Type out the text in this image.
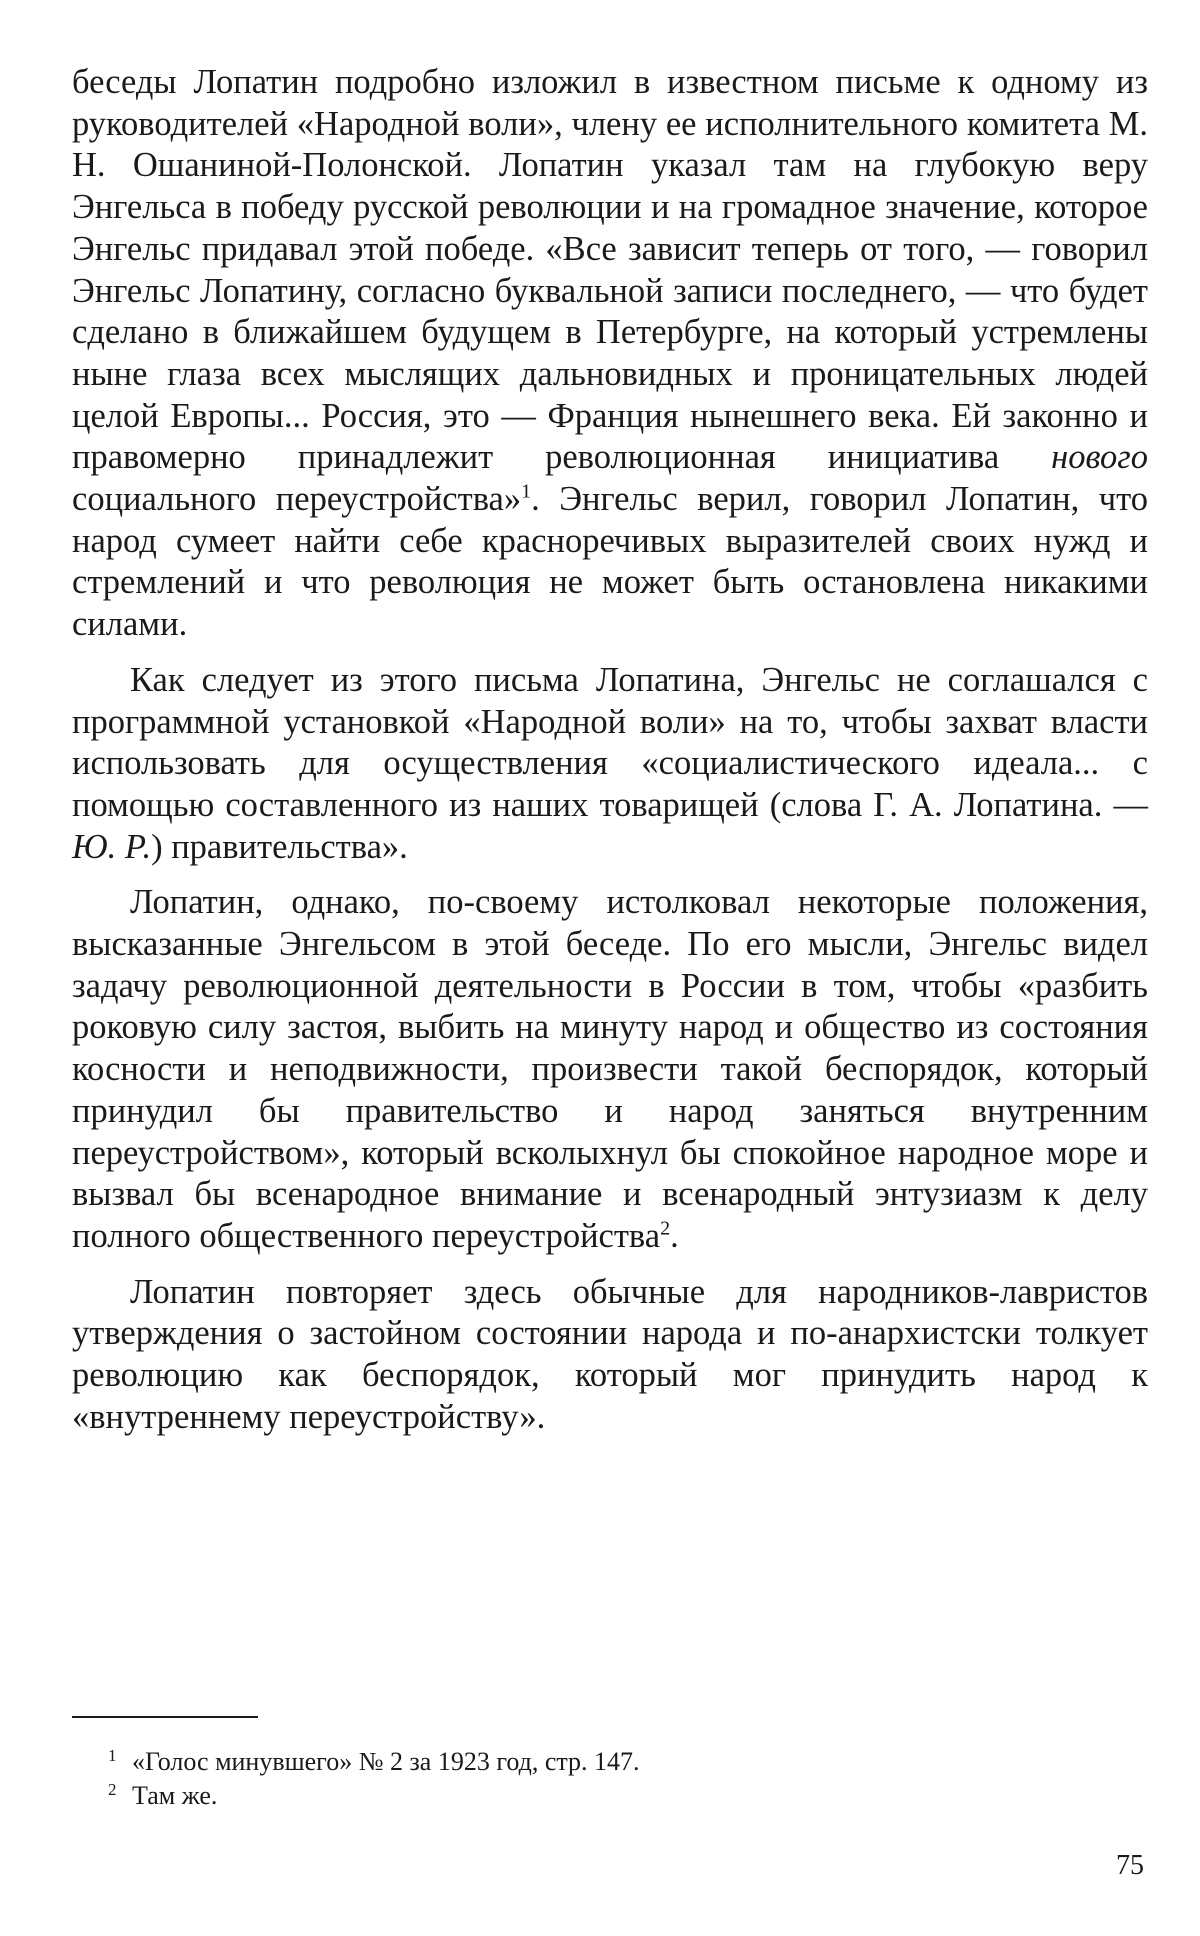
беседы Лопатин подробно изложил в известном письме к одному из руководителей «Народной воли», члену ее исполнительного комитета М. Н. Ошаниной-Полонской. Лопатин указал там на глубокую веру Энгельса в победу русской революции и на громадное значение, которое Энгельс придавал этой победе. «Все зависит теперь от того, — говорил Энгельс Лопатину, согласно буквальной записи последнего, — что будет сделано в ближайшем будущем в Петербурге, на который устремлены ныне глаза всех мыслящих дальновидных и проницательных людей целой Европы... Россия, это — Франция нынешнего века. Ей законно и правомерно принадлежит революционная инициатива нового социального переустройства»$^1$. Энгельс верил, говорил Лопатин, что народ сумеет найти себе красноречивых выразителей своих нужд и стремлений и что революция не может быть остановлена никакими силами.

Как следует из этого письма Лопатина, Энгельс не соглашался с программной установкой «Народной воли» на то, чтобы захват власти использовать для осуществления «социалистического идеала... с помощью составленного из наших товарищей (слова Г. А. Лопатина. — Ю. Р.) правительства».

Лопатин, однако, по-своему истолковал некоторые положения, высказанные Энгельсом в этой беседе. По его мысли, Энгельс видел задачу революционной деятельности в России в том, чтобы «разбить роковую силу застоя, выбить на минуту народ и общество из состояния косности и неподвижности, произвести такой беспорядок, который принудил бы правительство и народ заняться внутренним переустройством», который всколыхнул бы спокойное народное море и вызвал бы всенародное внимание и всенародный энтузиазм к делу полного общественного переустройства$^2$.

Лопатин повторяет здесь обычные для народников-лавристов утверждения о застойном состоянии народа и по-анархистски толкует революцию как беспорядок, который мог принудить народ к «внутреннему переустройству».

1 «Голос минувшего» № 2 за 1923 год, стр. 147.

2 Там же.

75
